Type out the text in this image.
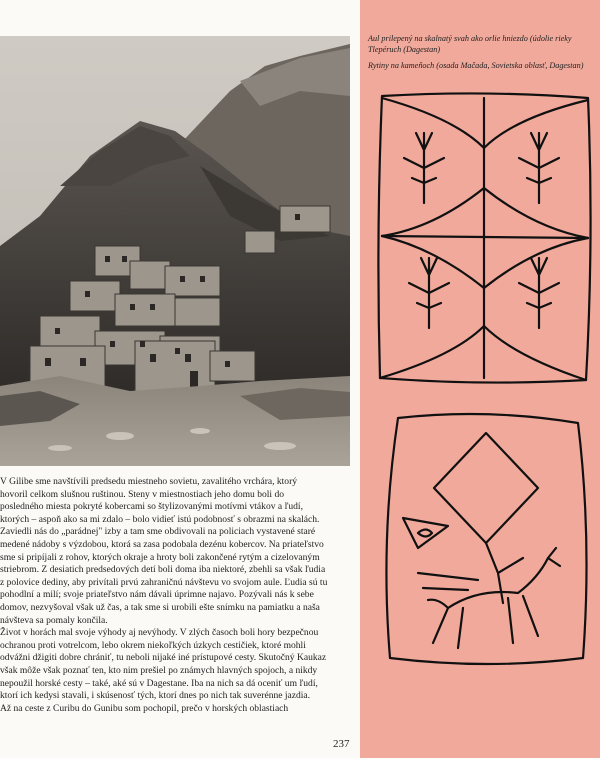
V Gilibe sme navštívili predsedu miestneho sovietu, zavalitého vrchára, ktorý
hovoril celkom slušnou ruštinou. Steny v miestnostiach jeho domu boli do
posledného miesta pokryté kobercami so štylizovanými motívmi vtákov a ľudí,
ktorých – aspoň ako sa mi zdalo – bolo vidieť istú podobnosť s obrazmi na skalách.
Zaviedli nás do „parádnej" izby a tam sme obdivovali na policiach vystavené staré
medené nádoby s výzdobou, ktorá sa zasa podobala dezénu kobercov. Na priateľstvo
sme si pripíjali z rohov, ktorých okraje a hroty boli zakončené rytým a cizelovaným
striebrom. Z desiatich predsedových detí boli doma iba niektoré, zbehli sa však ľudia
z polovice dediny, aby privítali prvú zahraničnú návštevu vo svojom aule. Ľudia sú tu
pohodlní a milí; svoje priateľstvo nám dávali úprimne najavo. Pozývali nás k sebe
domov, nezvyšoval však už čas, a tak sme si urobili ešte snímku na pamiatku a naša
návšteva sa pomaly končila.
Život v horách mal svoje výhody aj nevýhody. V zlých časoch boli hory bezpečnou
ochranou proti votrelcom, lebo okrem niekoľkých úzkych cestičiek, ktoré mohli
odvážni džigiti dobre chrániť, tu neboli nijaké iné prístupové cesty. Skutočný Kaukaz
však môže však poznať ten, kto nim prešiel po známych hlavných spojoch, a nikdy
nepoužil horské cesty – také, aké sú v Dagestane. Iba na nich sa dá oceniť um ľudí,
ktorí ich kedysi stavali, i skúsenosť tých, ktorí dnes po nich tak suverénne jazdia.
Až na ceste z Curibu do Gunibu som pochopil, prečo v horských oblastiach
237
Aul prilepený na skalnatý svah ako orlie hniezdo (údolie rieky Tlepéruch (Dagestan)
Rytiny na kameňoch (osada Mačada, Sovietska oblasť, Dagestan)
